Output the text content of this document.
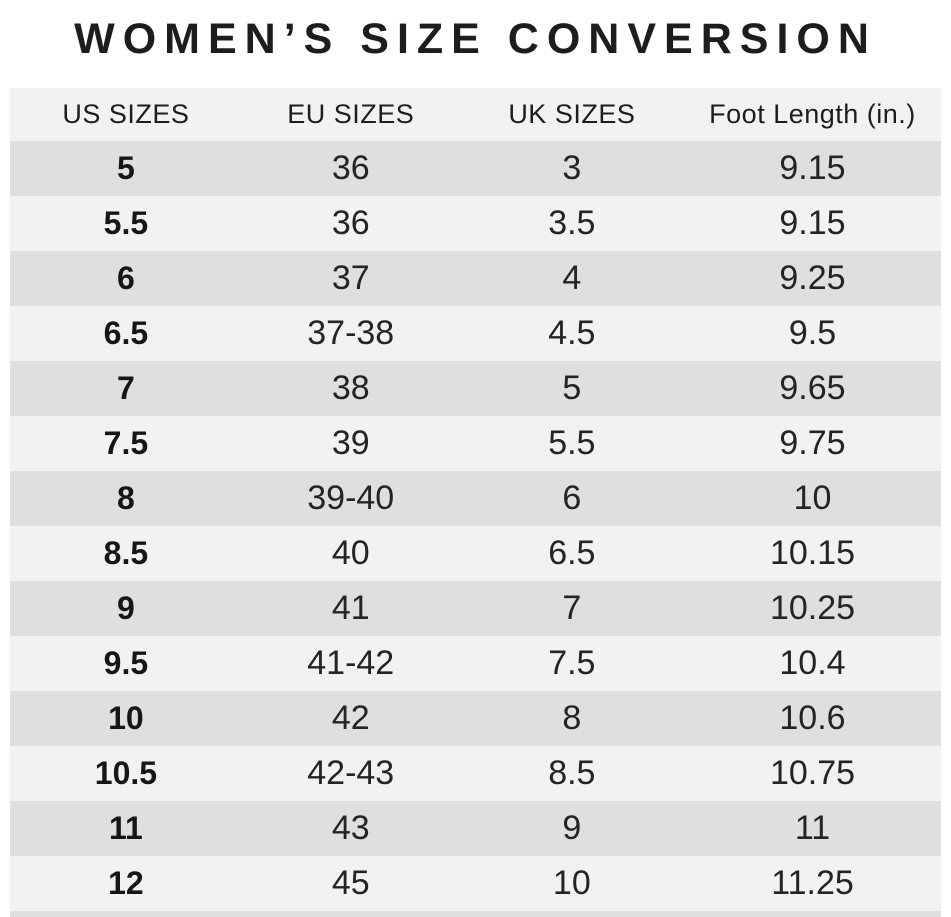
WOMEN’S SIZE CONVERSION
US SIZES	EU SIZES	UK SIZES	Foot Length (in.)
5	36	3	9.15
5.5	36	3.5	9.15
6	37	4	9.25
6.5	37-38	4.5	9.5
7	38	5	9.65
7.5	39	5.5	9.75
8	39-40	6	10
8.5	40	6.5	10.15
9	41	7	10.25
9.5	41-42	7.5	10.4
10	42	8	10.6
10.5	42-43	8.5	10.75
11	43	9	11
12	45	10	11.25
